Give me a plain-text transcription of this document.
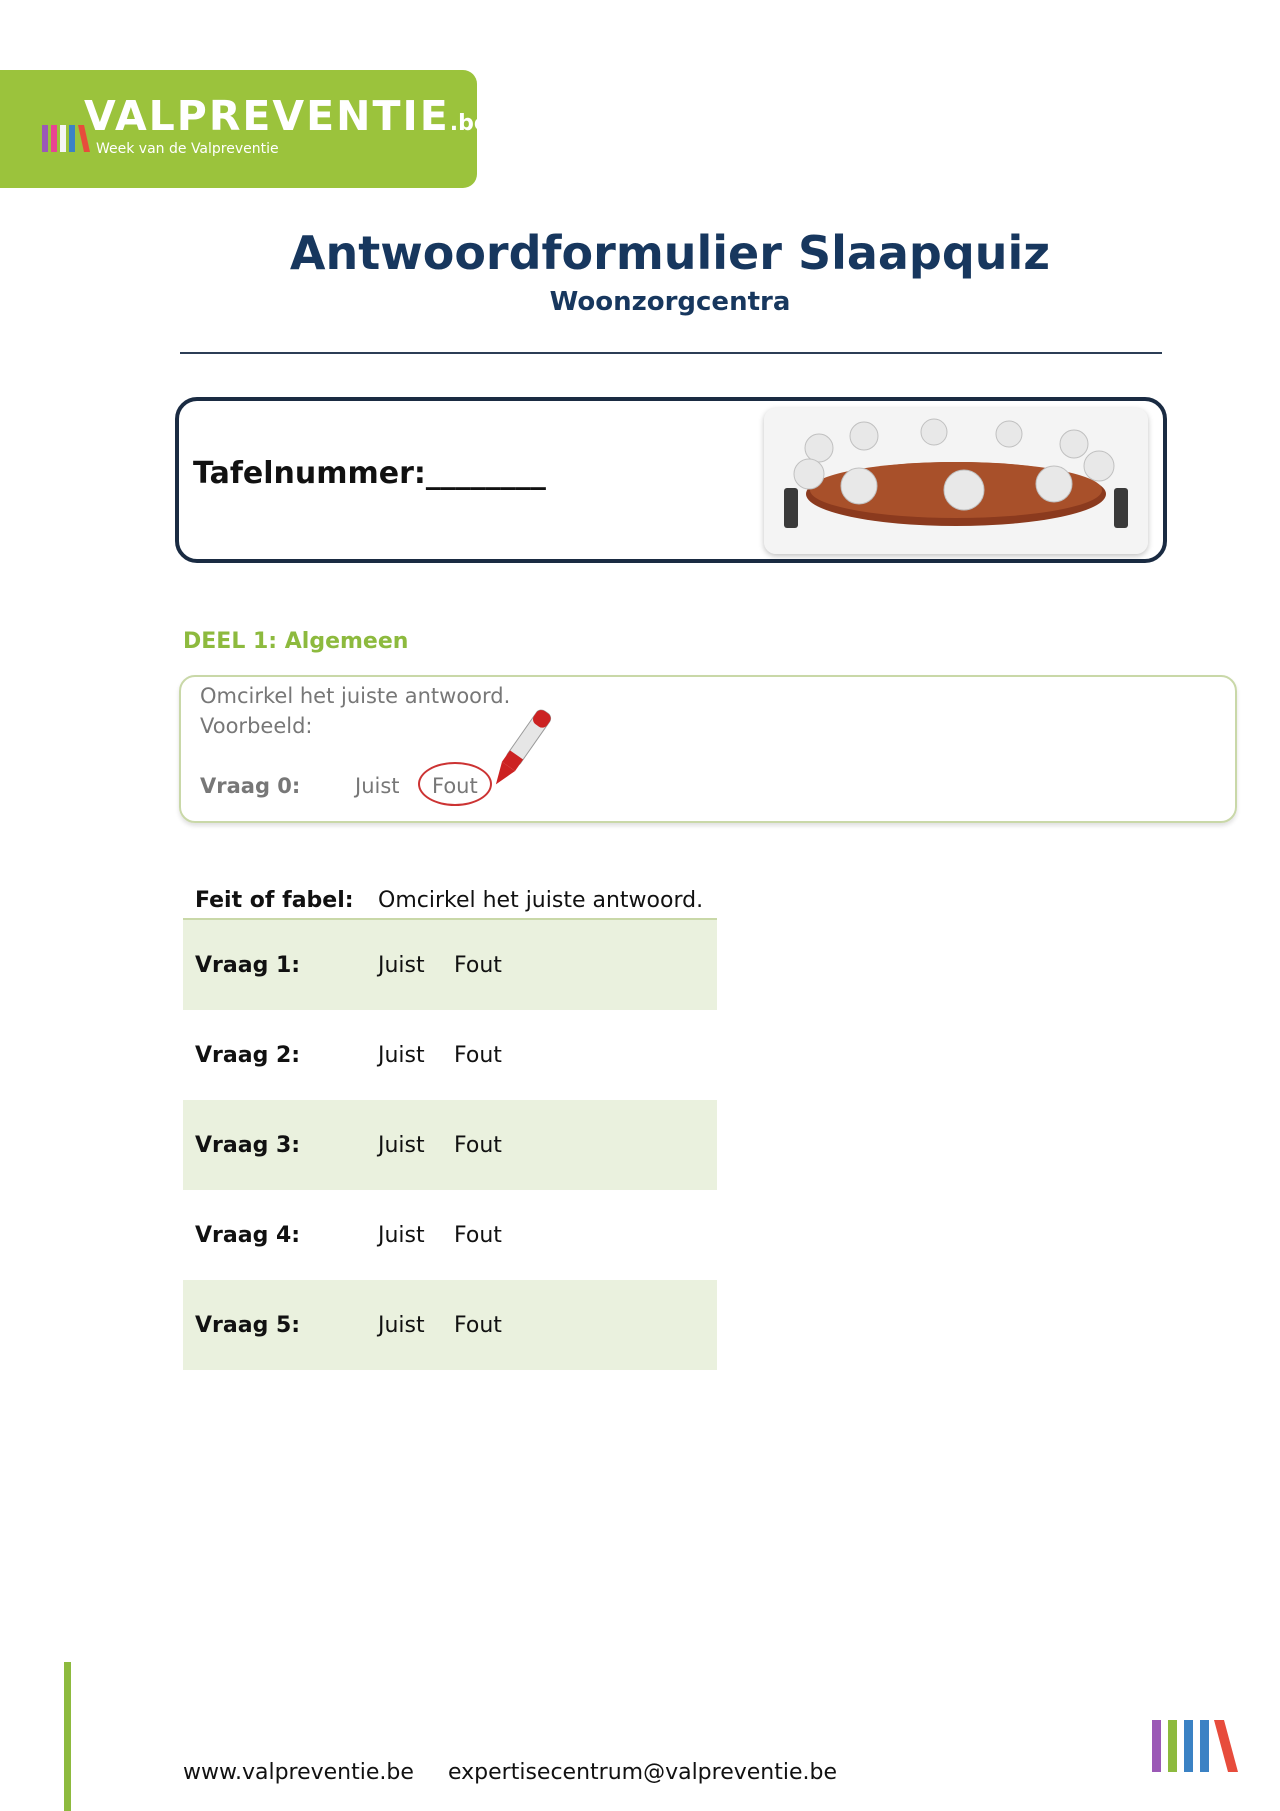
VALPREVENTIE.be
Week van de Valpreventie
Antwoordformulier Slaapquiz
Woonzorgcentra
Tafelnummer:________
DEEL 1: Algemeen
Omcirkel het juiste antwoord.
Voorbeeld:
Vraag 0:	Juist Fout
Feit of fabel: Omcirkel het juiste antwoord.
Vraag 1:	Juist Fout
Vraag 2:	Juist Fout
Vraag 3:	Juist Fout
Vraag 4:	Juist Fout
Vraag 5:	Juist Fout
www.valpreventie.be expertisecentrum@valpreventie.be
